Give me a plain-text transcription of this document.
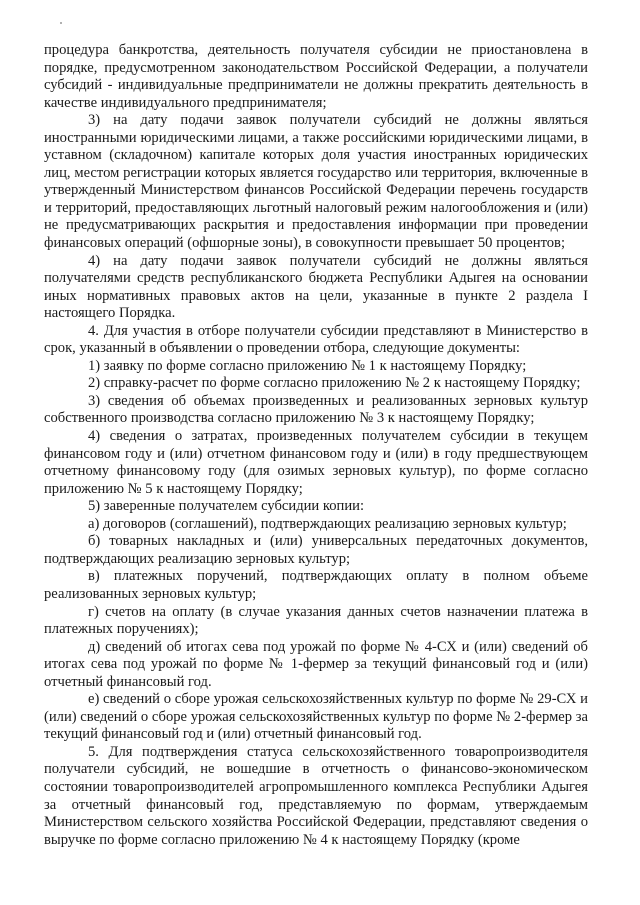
процедура банкротства, деятельность получателя субсидии не приостановлена в порядке, предусмотренном законодательством Российской Федерации, а получатели субсидий - индивидуальные предприниматели не должны прекратить деятельность в качестве индивидуального предпринимателя;

3) на дату подачи заявок получатели субсидий не должны являться иностранными юридическими лицами, а также российскими юридическими лицами, в уставном (складочном) капитале которых доля участия иностранных юридических лиц, местом регистрации которых является государство или территория, включенные в утвержденный Министерством финансов Российской Федерации перечень государств и территорий, предоставляющих льготный налоговый режим налогообложения и (или) не предусматривающих раскрытия и предоставления информации при проведении финансовых операций (офшорные зоны), в совокупности превышает 50 процентов;

4) на дату подачи заявок получатели субсидий не должны являться получателями средств республиканского бюджета Республики Адыгея на основании иных нормативных правовых актов на цели, указанные в пункте 2 раздела I настоящего Порядка.

4. Для участия в отборе получатели субсидии представляют в Министерство в срок, указанный в объявлении о проведении отбора, следующие документы:

1) заявку по форме согласно приложению № 1 к настоящему Порядку;

2) справку-расчет по форме согласно приложению № 2 к настоящему Порядку;

3) сведения об объемах произведенных и реализованных зерновых культур собственного производства согласно приложению № 3 к настоящему Порядку;

4) сведения о затратах, произведенных получателем субсидии в текущем финансовом году и (или) отчетном финансовом году и (или) в году предшествующем отчетному финансовому году (для озимых зерновых культур), по форме согласно приложению № 5 к настоящему Порядку;

5) заверенные получателем субсидии копии:

а) договоров (соглашений), подтверждающих реализацию зерновых культур;

б) товарных накладных и (или) универсальных передаточных документов, подтверждающих реализацию зерновых культур;

в) платежных поручений, подтверждающих оплату в полном объеме реализованных зерновых культур;

г) счетов на оплату (в случае указания данных счетов назначении платежа в платежных поручениях);

д) сведений об итогах сева под урожай по форме № 4-СХ и (или) сведений об итогах сева под урожай по форме № 1-фермер за текущий финансовый год и (или) отчетный финансовый год.

е) сведений о сборе урожая сельскохозяйственных культур по форме № 29-СХ и (или) сведений о сборе урожая сельскохозяйственных культур по форме № 2-фермер за текущий финансовый год и (или) отчетный финансовый год.

5. Для подтверждения статуса сельскохозяйственного товаропроизводителя получатели субсидий, не вошедшие в отчетность о финансово-экономическом состоянии товаропроизводителей агропромышленного комплекса Республики Адыгея за отчетный финансовый год, представляемую по формам, утверждаемым Министерством сельского хозяйства Российской Федерации, представляют сведения о выручке по форме согласно приложению № 4 к настоящему Порядку (кроме
